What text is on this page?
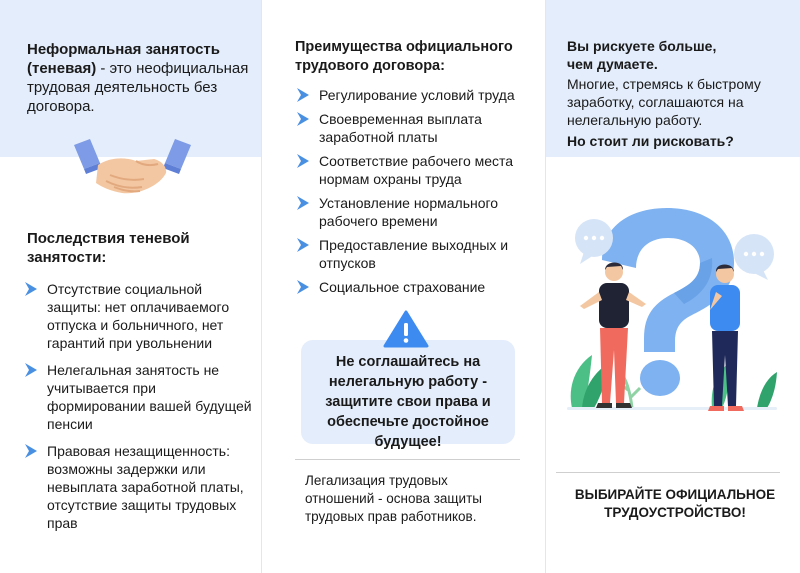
Неформальная занятость (теневая) - это неофициальная трудовая деятельность без договора.

Последствия теневой занятости:

Отсутствие социальной защиты: нет оплачиваемого отпуска и больничного, нет гарантий при увольнении
Нелегальная занятость не учитывается при формировании вашей будущей пенсии
Правовая незащищенность: возможны задержки или невыплата заработной платы, отсутствие защиты трудовых прав

Преимущества официального трудового договора:

Регулирование условий труда
Своевременная выплата заработной платы
Соответствие рабочего места нормам охраны труда
Установление нормального рабочего времени
Предоставление выходных и отпусков
Социальное страхование

Не соглашайтесь на нелегальную работу - защитите свои права и обеспечьте достойное будущее!

Легализация трудовых отношений - основа защиты трудовых прав работников.

Вы рискуете больше, чем думаете.

Многие, стремясь к быстрому заработку, соглашаются на нелегальную работу.

Но стоит ли рисковать?

ВЫБИРАЙТЕ ОФИЦИАЛЬНОЕ ТРУДОУСТРОЙСТВО!
